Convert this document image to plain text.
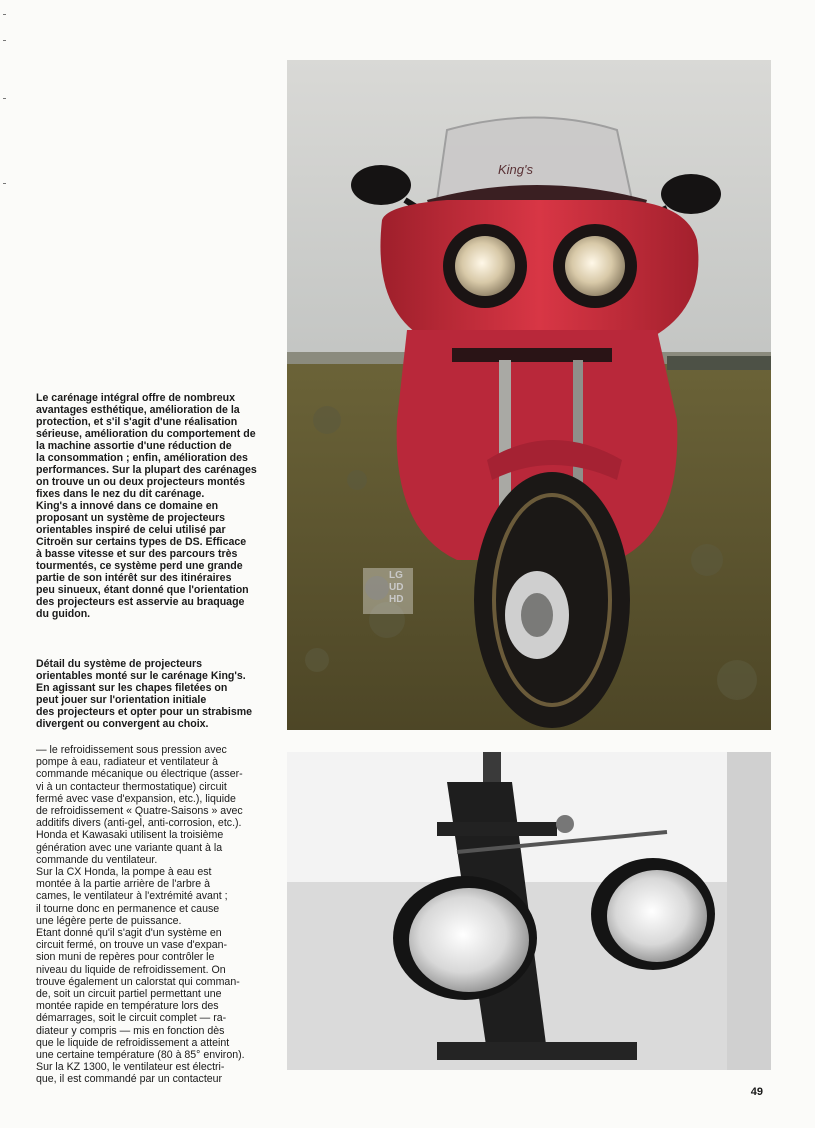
Le carénage intégral offre de nombreux
avantages esthétique, amélioration de la
protection, et s'il s'agit d'une réalisation
sérieuse, amélioration du comportement de
la machine assortie d'une réduction de
la consommation ; enfin, amélioration des
performances. Sur la plupart des carénages
on trouve un ou deux projecteurs montés
fixes dans le nez du dit carénage.
King's a innové dans ce domaine en
proposant un système de projecteurs
orientables inspiré de celui utilisé par
Citroën sur certains types de DS. Efficace
à basse vitesse et sur des parcours très
tourmentés, ce système perd une grande
partie de son intérêt sur des itinéraires
peu sinueux, étant donné que l'orientation
des projecteurs est asservie au braquage
du guidon.
Détail du système de projecteurs
orientables monté sur le carénage King's.
En agissant sur les chapes filetées on
peut jouer sur l'orientation initiale
des projecteurs et opter pour un strabisme
divergent ou convergent au choix.
— le refroidissement sous pression avec
pompe à eau, radiateur et ventilateur à
commande mécanique ou électrique (asser-
vi à un contacteur thermostatique) circuit
fermé avec vase d'expansion, etc.), liquide
de refroidissement « Quatre-Saisons » avec
additifs divers (anti-gel, anti-corrosion, etc.).
Honda et Kawasaki utilisent la troisième
génération avec une variante quant à la
commande du ventilateur.
Sur la CX Honda, la pompe à eau est
montée à la partie arrière de l'arbre à
cames, le ventilateur à l'extrémité avant ;
il tourne donc en permanence et cause
une légère perte de puissance.
Etant donné qu'il s'agit d'un système en
circuit fermé, on trouve un vase d'expan-
sion muni de repères pour contrôler le
niveau du liquide de refroidissement. On
trouve également un calorstat qui comman-
de, soit un circuit partiel permettant une
montée rapide en température lors des
démarrages, soit le circuit complet — ra-
diateur y compris — mis en fonction dès
que le liquide de refroidissement a atteint
une certaine température (80 à 85° environ).
Sur la KZ 1300, le ventilateur est électri-
que, il est commandé par un contacteur
King's
LG
UD
HD
49
